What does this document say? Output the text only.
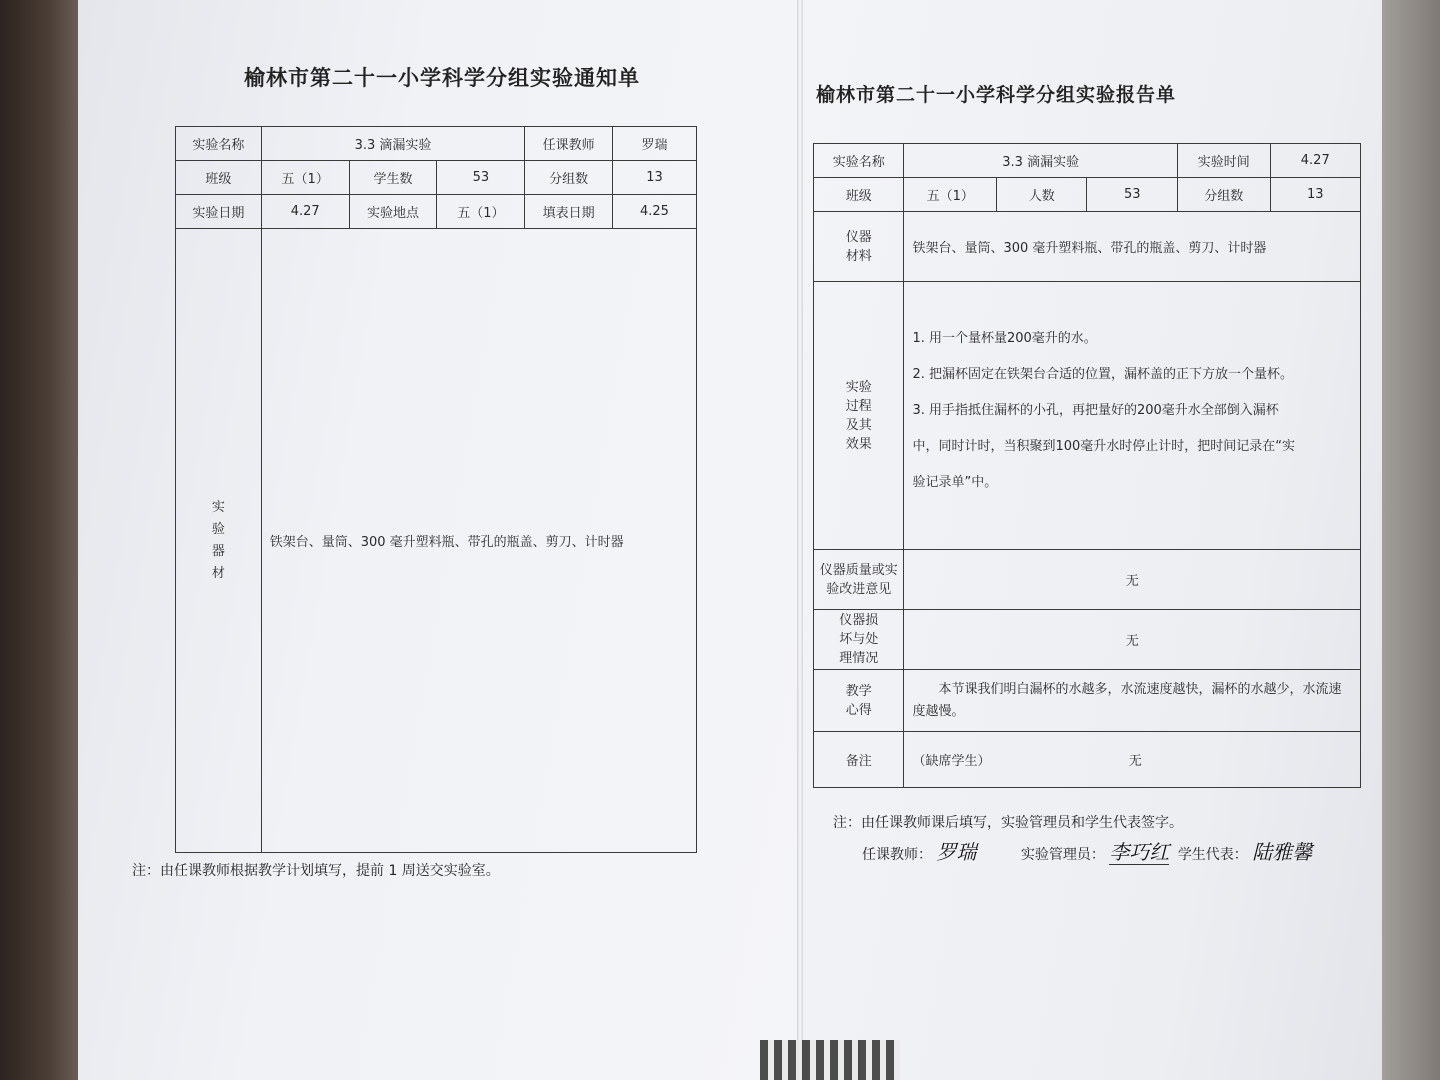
榆林市第二十一小学科学分组实验通知单
实验名称	3.3 滴漏实验			任课教师	罗瑞
班级	五（1）	学生数	53	分组数	13
实验日期	4.27	实验地点	五（1）	填表日期	4.25

实验器材	铁架台、量筒、300 毫升塑料瓶、带孔的瓶盖、剪刀、计时器				
注：由任课教师根据教学计划填写，提前 1 周送交实验室。
榆林市第二十一小学科学分组实验报告单
实验名称	3.3 滴漏实验			实验时间	4.27
班级	五（1）	人数	53	分组数	13

仪器材料	铁架台、量筒、300 毫升塑料瓶、带孔的瓶盖、剪刀、计时器				

实验过程及其效果	1. 用一个量杯量200毫升的水。
2. 把漏杯固定在铁架台合适的位置，漏杯盖的正下方放一个量杯。
3. 用手指抵住漏杯的小孔，再把量好的200毫升水全部倒入漏杯
中，同时计时，当积聚到100毫升水时停止计时，把时间记录在“实
验记录单”中。				

仪器质量或实验改进意见	无				

仪器损坏与处理情况	无				

教学心得	本节课我们明白漏杯的水越多，水流速度越快，漏杯的水越少，水流速度越慢。				
备注	（缺席学生） 无				
注：由任课教师课后填写，实验管理员和学生代表签字。
任课教师： 罗瑞	实验管理员： 李巧红 学生代表： 陆雅馨
